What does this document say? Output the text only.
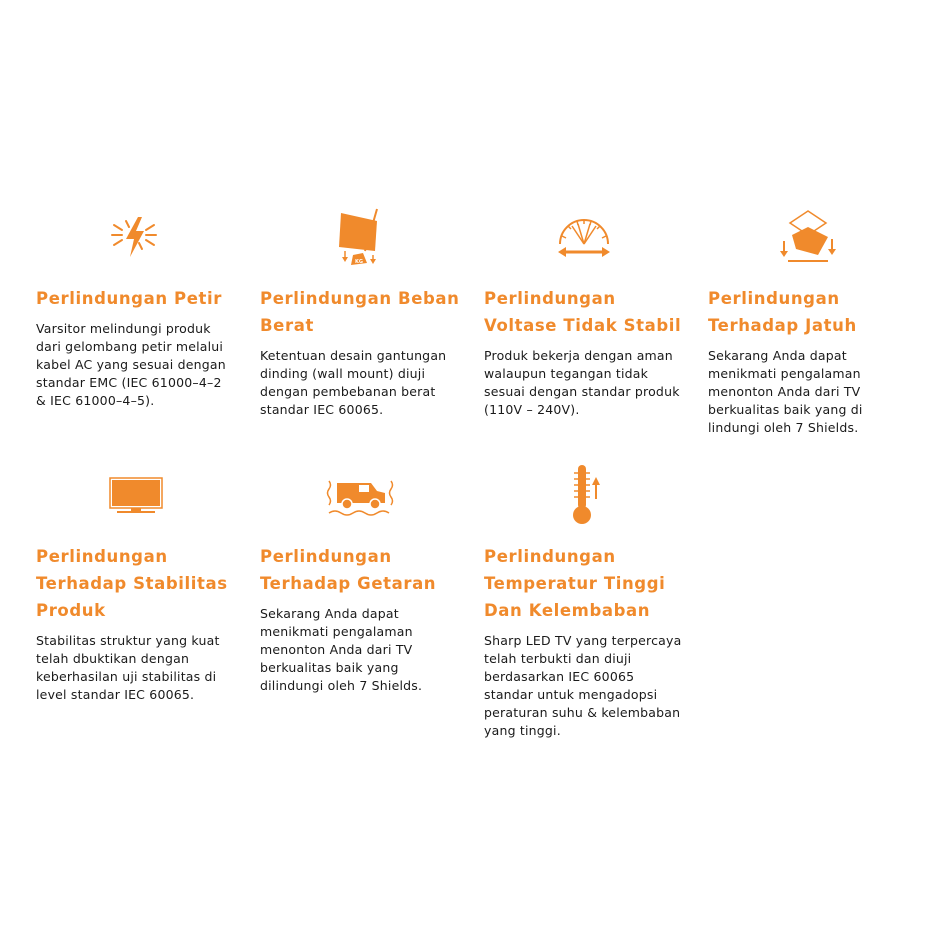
Perlindungan Petir

Varsitor melindungi produk dari gelombang petir melalui kabel AC yang sesuai dengan standar EMC (IEC 61000–4–2 & IEC 61000–4–5).

KG
Perlindungan Beban Berat

Ketentuan desain gantungan dinding (wall mount) diuji dengan pembebanan berat standar IEC 60065.

Perlindungan Voltase Tidak Stabil

Produk bekerja dengan aman walaupun tegangan tidak sesuai dengan standar produk (110V – 240V).

Perlindungan Terhadap Jatuh

Sekarang Anda dapat menikmati pengalaman menonton Anda dari TV berkualitas baik yang di lindungi oleh 7 Shields.

Perlindungan Terhadap Stabilitas Produk

Stabilitas struktur yang kuat telah dbuktikan dengan keberhasilan uji stabilitas di level standar IEC 60065.

Perlindungan Terhadap Getaran

Sekarang Anda dapat menikmati pengalaman menonton Anda dari TV berkualitas baik yang dilindungi oleh 7 Shields.

Perlindungan Temperatur Tinggi Dan Kelembaban

Sharp LED TV yang terpercaya telah terbukti dan diuji berdasarkan IEC 60065 standar untuk mengadopsi peraturan suhu & kelembaban yang tinggi.
